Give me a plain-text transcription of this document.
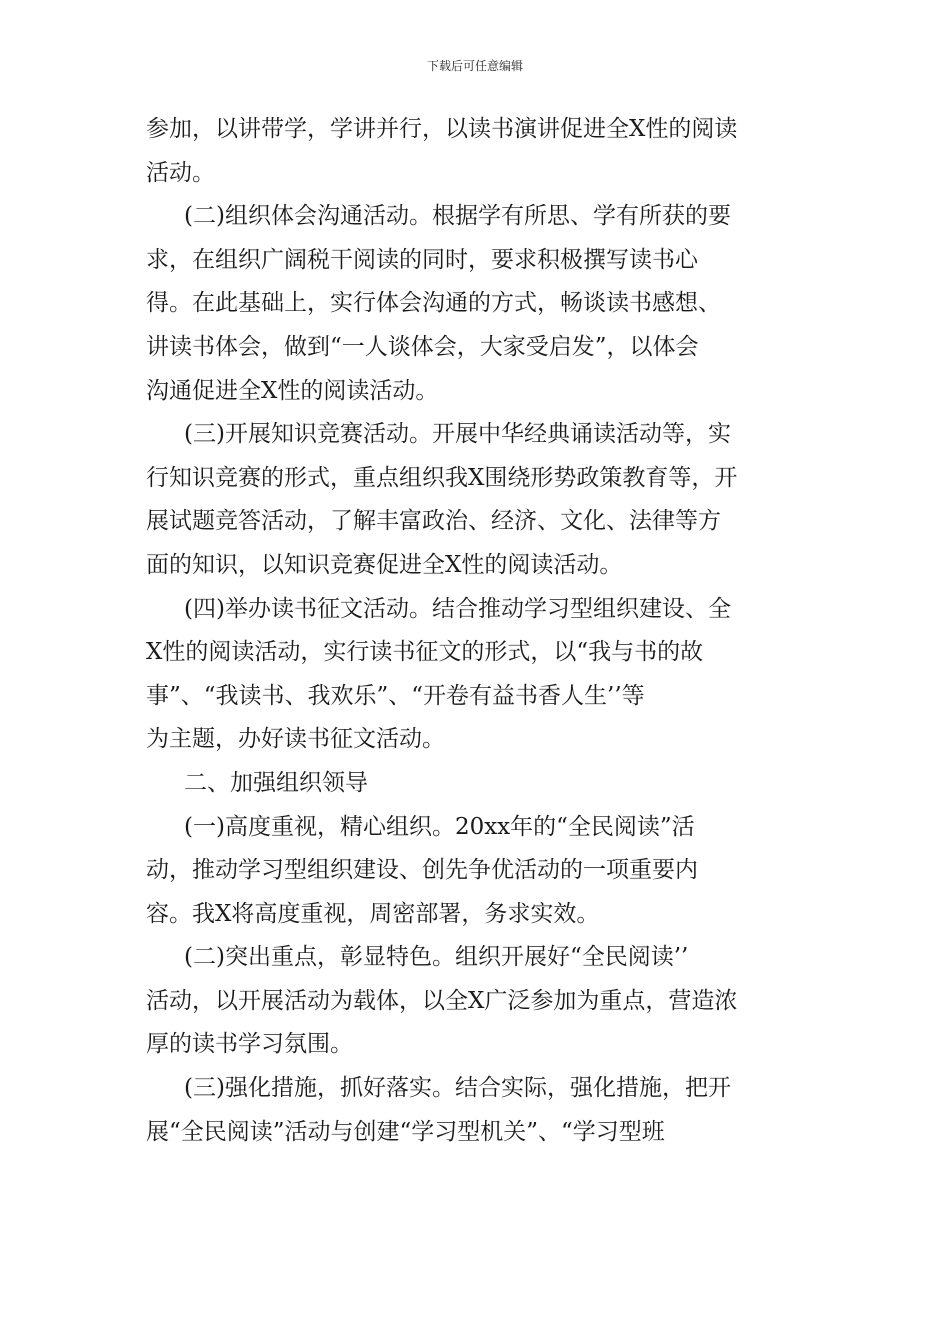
下载后可任意编辑
参加，以讲带学，学讲并行，以读书演讲促进全X性的阅读
活动。
(二)组织体会沟通活动。根据学有所思、学有所获的要
求，在组织广阔税干阅读的同时，要求积极撰写读书心
得。在此基础上，实行体会沟通的方式，畅谈读书感想、
讲读书体会，做到“一人谈体会，大家受启发”，以体会
沟通促进全X性的阅读活动。
(三)开展知识竞赛活动。开展中华经典诵读活动等，实
行知识竞赛的形式，重点组织我X围绕形势政策教育等，开
展试题竞答活动，了解丰富政治、经济、文化、法律等方
面的知识，以知识竞赛促进全X性的阅读活动。
(四)举办读书征文活动。结合推动学习型组织建设、全
X性的阅读活动，实行读书征文的形式，以“我与书的故
事”、“我读书、我欢乐”、“开卷有益书香人生’’等
为主题，办好读书征文活动。
二、加强组织领导
(一)高度重视，精心组织。20xx年的“全民阅读”活
动，推动学习型组织建设、创先争优活动的一项重要内
容。我X将高度重视，周密部署，务求实效。
(二)突出重点，彰显特色。组织开展好“全民阅读’’
活动，以开展活动为载体，以全X广泛参加为重点，营造浓
厚的读书学习氛围。
(三)强化措施，抓好落实。结合实际，强化措施，把开
展“全民阅读”活动与创建“学习型机关”、“学习型班
